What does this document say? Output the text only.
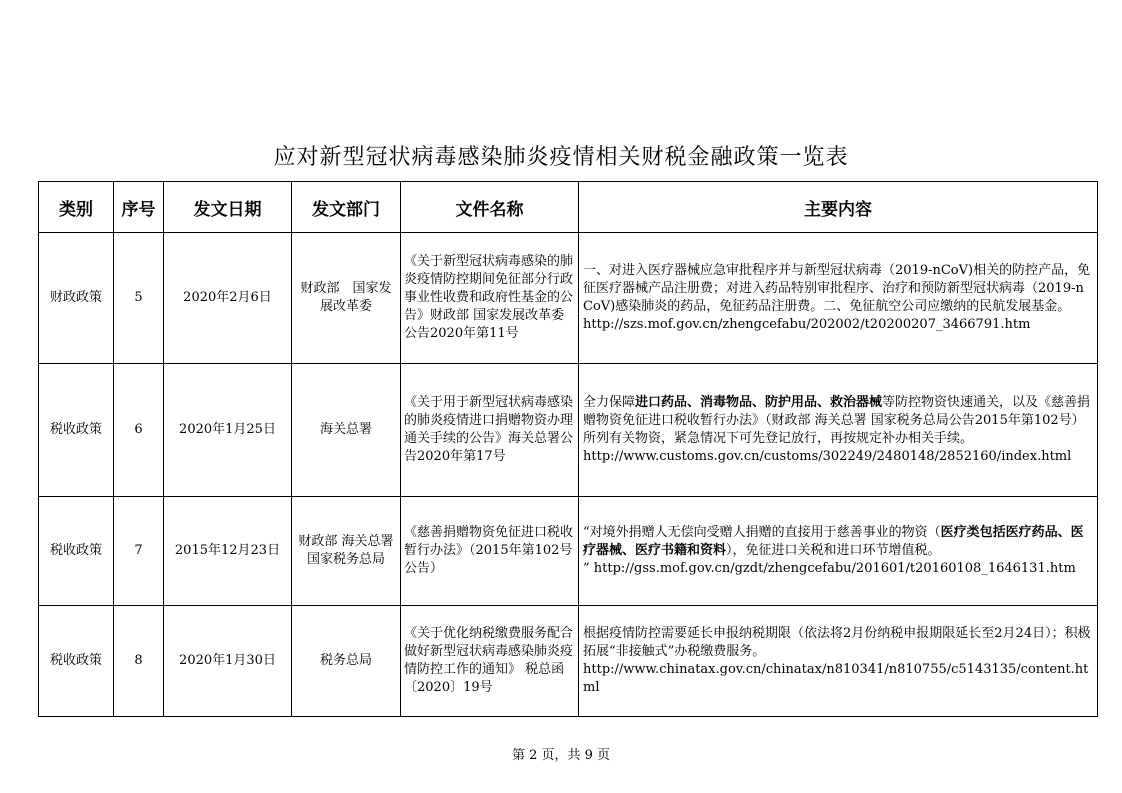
应对新型冠状病毒感染肺炎疫情相关财税金融政策一览表
类别	序号	发文日期	发文部门	文件名称	主要内容
财政政策	5	2020年2月6日	财政部　国家发展改革委	《关于新型冠状病毒感染的肺炎疫情防控期间免征部分行政事业性收费和政府性基金的公告》财政部 国家发展改革委公告2020年第11号	一、对进入医疗器械应急审批程序并与新型冠状病毒（2019-nCoV)相关的防控产品，免征医疗器械产品注册费；对进入药品特别审批程序、治疗和预防新型冠状病毒（2019-nCoV)感染肺炎的药品，免征药品注册费。二、免征航空公司应缴纳的民航发展基金。
http://szs.mof.gov.cn/zhengcefabu/202002/t20200207_3466791.htm

税收政策	6	2020年1月25日	海关总署	《关于用于新型冠状病毒感染的肺炎疫情进口捐赠物资办理通关手续的公告》海关总署公告2020年第17号	全力保障进口药品、消毒物品、防护用品、救治器械等防控物资快速通关，以及《慈善捐赠物资免征进口税收暂行办法》（财政部 海关总署 国家税务总局公告2015年第102号）所列有关物资，紧急情况下可先登记放行，再按规定补办相关手续。
http://www.customs.gov.cn/customs/302249/2480148/2852160/index.html

税收政策	7	2015年12月23日	财政部 海关总署 国家税务总局	《慈善捐赠物资免征进口税收暂行办法》（2015年第102号公告）	“对境外捐赠人无偿向受赠人捐赠的直接用于慈善事业的物资（医疗类包括医疗药品、医疗器械、医疗书籍和资料），免征进口关税和进口环节增值税。
” http://gss.mof.gov.cn/gzdt/zhengcefabu/201601/t20160108_1646131.htm

税收政策	8	2020年1月30日	税务总局	《关于优化纳税缴费服务配合做好新型冠状病毒感染肺炎疫情防控工作的通知》 税总函〔2020〕19号	根据疫情防控需要延长申报纳税期限（依法将2月份纳税申报期限延长至2月24日）；积极拓展“非接触式”办税缴费服务。
http://www.chinatax.gov.cn/chinatax/n810341/n810755/c5143135/content.html
第 2 页，共 9 页
